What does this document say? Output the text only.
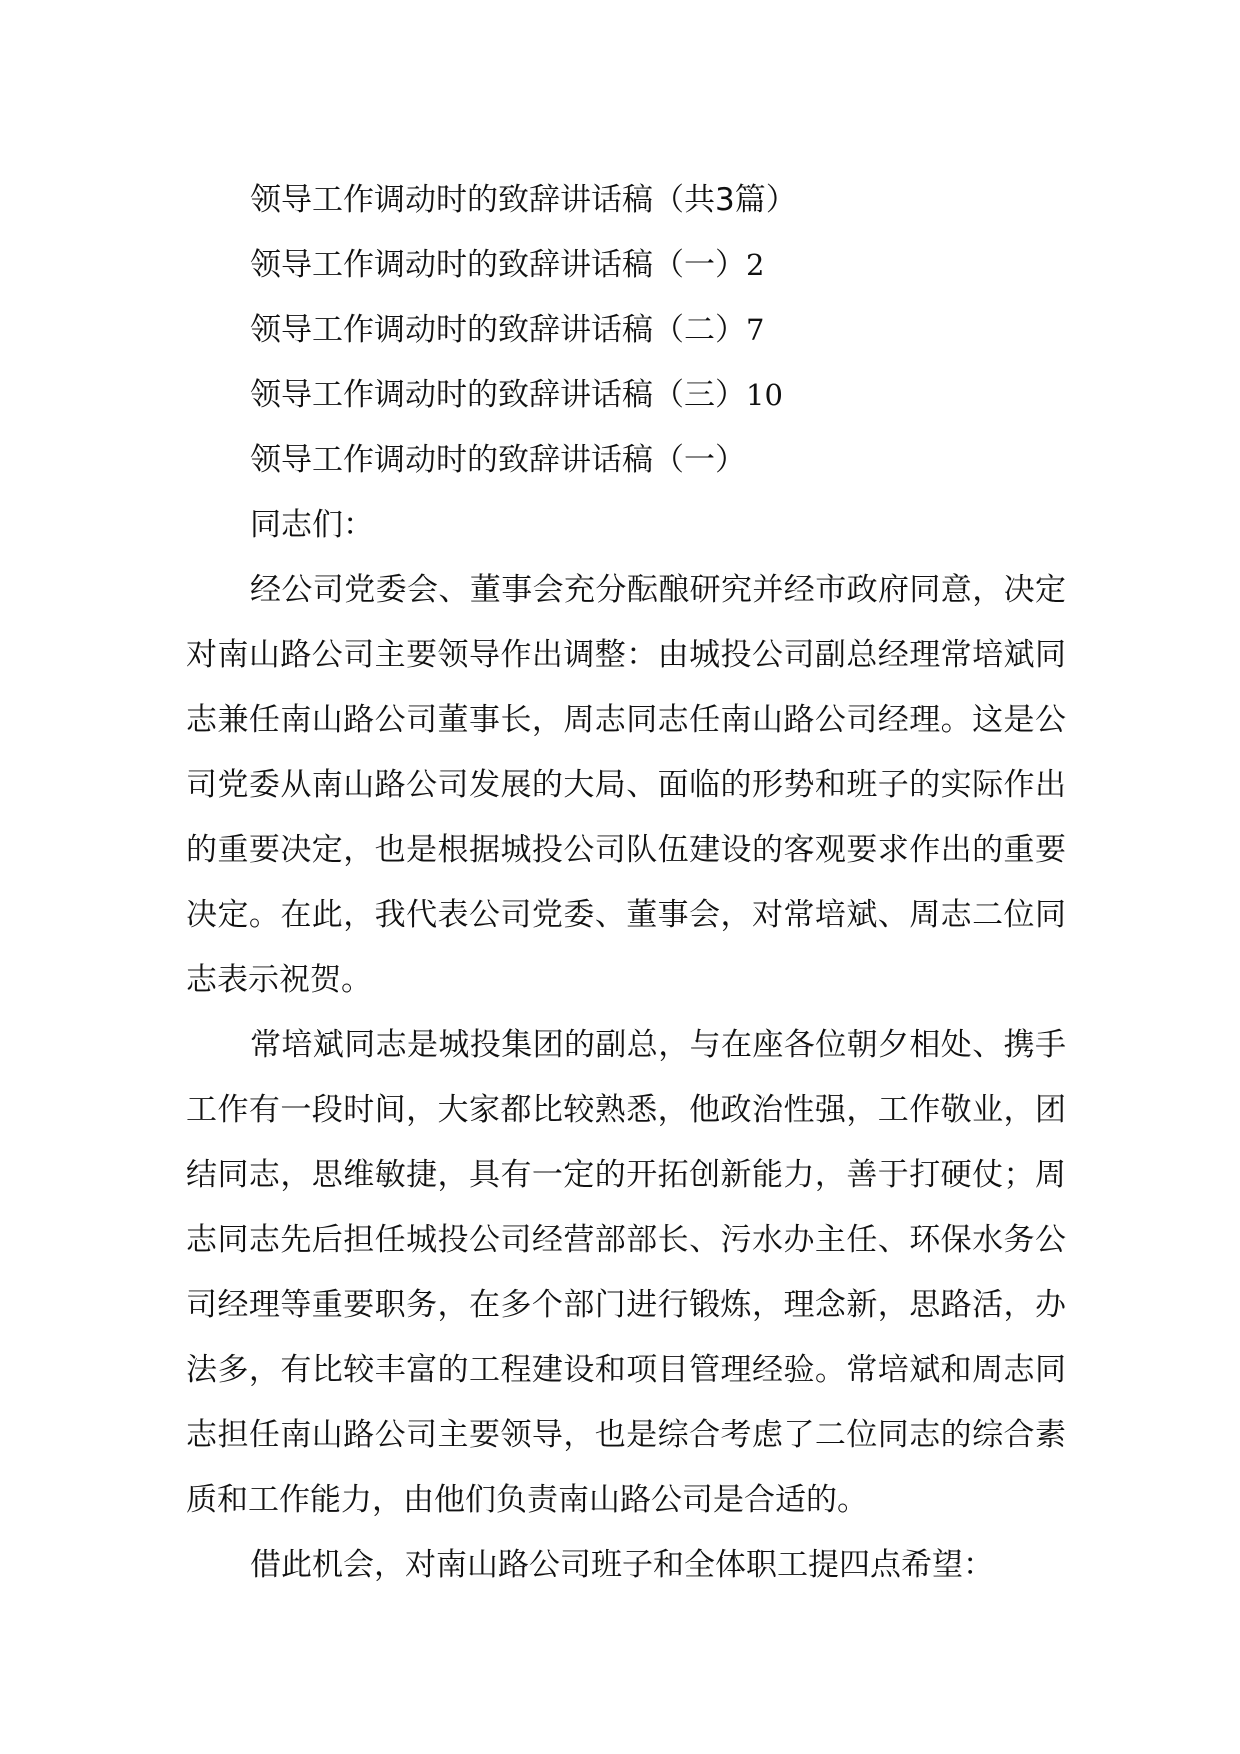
领导工作调动时的致辞讲话稿（共3篇）

领导工作调动时的致辞讲话稿（一）2

领导工作调动时的致辞讲话稿（二）7

领导工作调动时的致辞讲话稿（三）10

领导工作调动时的致辞讲话稿（一）

同志们：

经公司党委会、董事会充分酝酿研究并经市政府同意，决定对南山路公司主要领导作出调整：由城投公司副总经理常培斌同志兼任南山路公司董事长，周志同志任南山路公司经理。这是公司党委从南山路公司发展的大局、面临的形势和班子的实际作出的重要决定，也是根据城投公司队伍建设的客观要求作出的重要决定。在此，我代表公司党委、董事会，对常培斌、周志二位同志表示祝贺。

常培斌同志是城投集团的副总，与在座各位朝夕相处、携手工作有一段时间，大家都比较熟悉，他政治性强，工作敬业，团结同志，思维敏捷，具有一定的开拓创新能力，善于打硬仗；周志同志先后担任城投公司经营部部长、污水办主任、环保水务公司经理等重要职务，在多个部门进行锻炼，理念新，思路活，办法多，有比较丰富的工程建设和项目管理经验。常培斌和周志同志担任南山路公司主要领导，也是综合考虑了二位同志的综合素质和工作能力，由他们负责南山路公司是合适的。

借此机会，对南山路公司班子和全体职工提四点希望：
